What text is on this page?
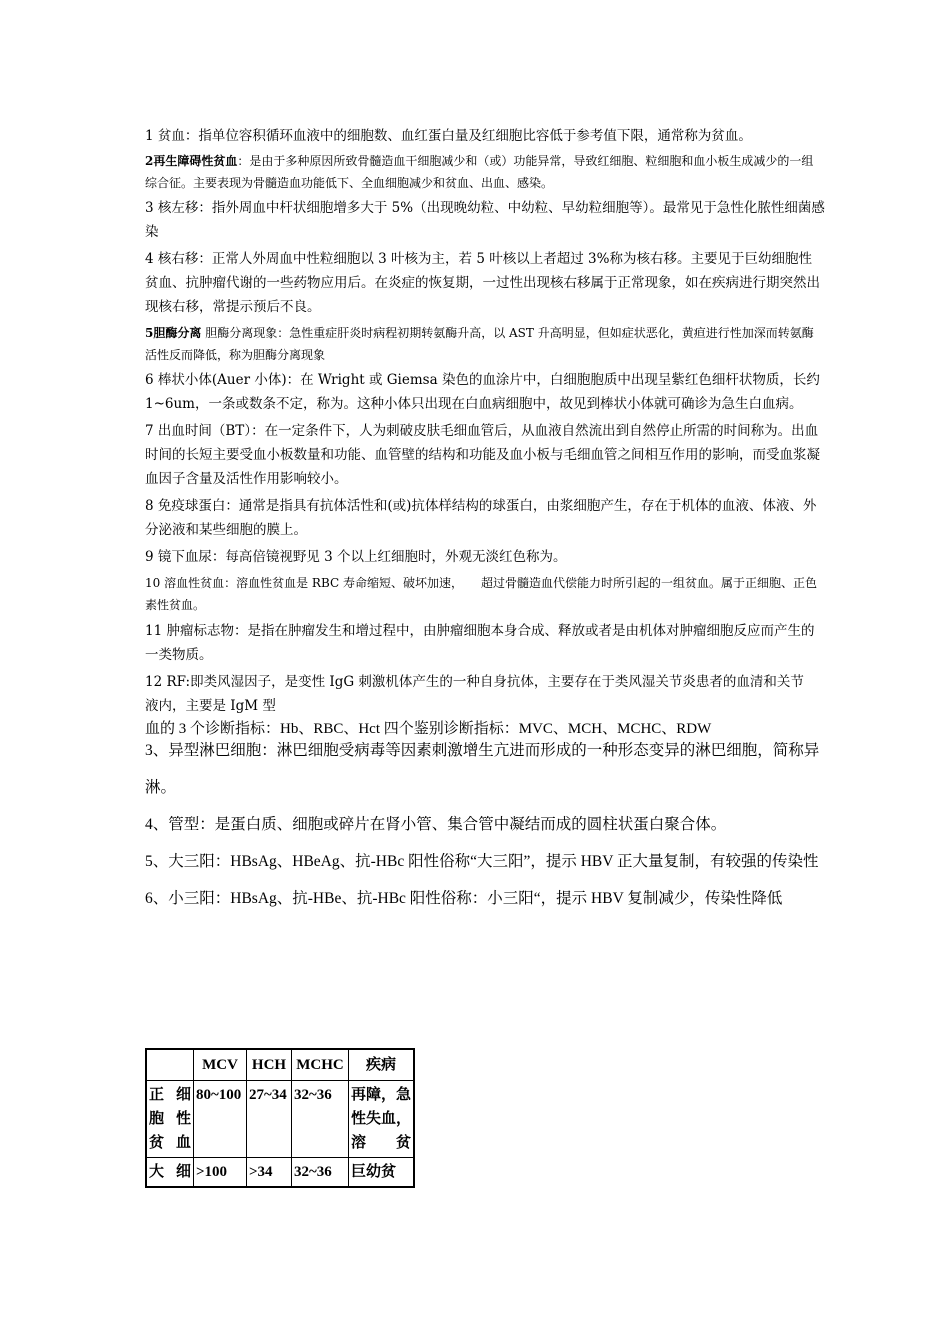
1 贫血：指单位容积循环血液中的细胞数、血红蛋白量及红细胞比容低于参考值下限，通常称为贫血。

2再生障碍性贫血：是由于多种原因所致骨髓造血干细胞减少和（或）功能异常，导致红细胞、粒细胞和血小板生成减少的一组综合征。主要表现为骨髓造血功能低下、全血细胞减少和贫血、出血、感染。

3 核左移：指外周血中杆状细胞增多大于 5%（出现晚幼粒、中幼粒、早幼粒细胞等）。最常见于急性化脓性细菌感染

4 核右移：正常人外周血中性粒细胞以 3 叶核为主，若 5 叶核以上者超过 3%称为核右移。主要见于巨幼细胞性贫血、抗肿瘤代谢的一些药物应用后。在炎症的恢复期，一过性出现核右移属于正常现象，如在疾病进行期突然出现核右移，常提示预后不良。

5胆酶分离 胆酶分离现象：急性重症肝炎时病程初期转氨酶升高，以 AST 升高明显，但如症状恶化，黄疸进行性加深而转氨酶活性反而降低，称为胆酶分离现象

6 棒状小体(Auer 小体)：在 Wright 或 Giemsa 染色的血涂片中，白细胞胞质中出现呈紫红色细杆状物质，长约 1~6um，一条或数条不定，称为。这种小体只出现在白血病细胞中，故见到棒状小体就可确诊为急生白血病。

7 出血时间（BT）：在一定条件下，人为刺破皮肤毛细血管后，从血液自然流出到自然停止所需的时间称为。出血时间的长短主要受血小板数量和功能、血管壁的结构和功能及血小板与毛细血管之间相互作用的影响，而受血浆凝血因子含量及活性作用影响较小。

8 免疫球蛋白：通常是指具有抗体活性和(或)抗体样结构的球蛋白，由浆细胞产生，存在于机体的血液、体液、外分泌液和某些细胞的膜上。

9 镜下血尿：每高倍镜视野见 3 个以上红细胞时，外观无淡红色称为。

10 溶血性贫血：溶血性贫血是 RBC 寿命缩短、破坏加速，　　超过骨髓造血代偿能力时所引起的一组贫血。属于正细胞、正色素性贫血。

11 肿瘤标志物：是指在肿瘤发生和增过程中，由肿瘤细胞本身合成、释放或者是由机体对肿瘤细胞反应而产生的一类物质。

12 RF:即类风湿因子，是变性 IgG 刺激机体产生的一种自身抗体，主要存在于类风湿关节炎患者的血清和关节液内，主要是 IgM 型

血的 3 个诊断指标：Hb、RBC、Hct 四个鉴别诊断指标：MVC、MCH、MCHC、RDW

3、异型淋巴细胞：淋巴细胞受病毒等因素刺激增生亢进而形成的一种形态变异的淋巴细胞，简称异淋。

4、管型：是蛋白质、细胞或碎片在肾小管、集合管中凝结而成的圆柱状蛋白聚合体。

5、大三阳：HBsAg、HBeAg、抗-HBc 阳性俗称“大三阳”，提示 HBV 正大量复制，有较强的传染性

6、小三阳：HBsAg、抗-HBe、抗-HBc 阳性俗称：小三阳“，提示 HBV 复制减少，传染性降低

	MCV	HCH	MCHC	疾病
正细胞性贫血	80~100	27~34	32~36	再障，急性失血，溶贫
大细	>100	>34	32~36	巨幼贫
